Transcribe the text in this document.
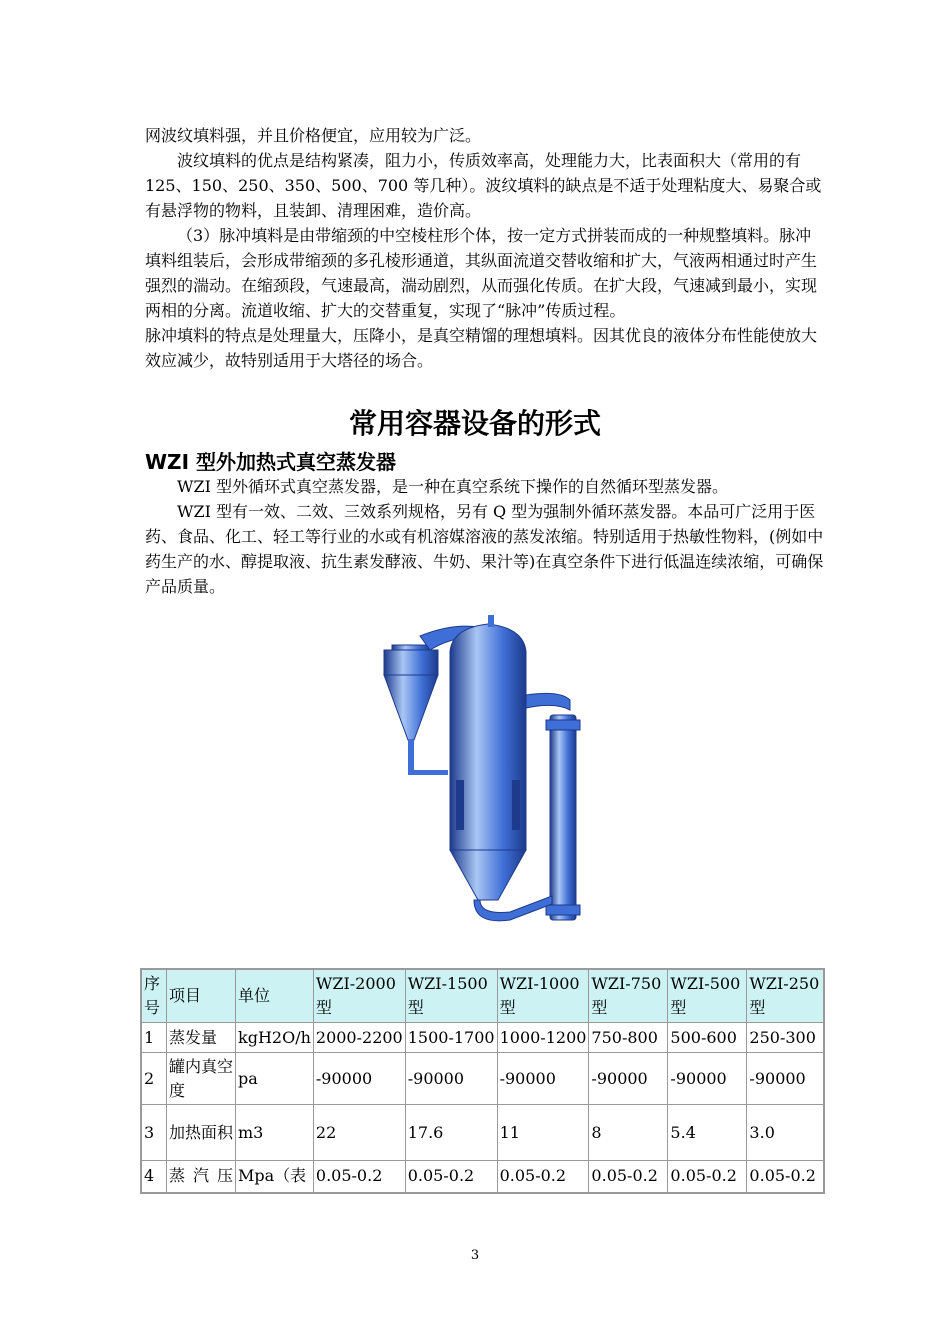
网波纹填料强，并且价格便宜，应用较为广泛。

波纹填料的优点是结构紧凑，阻力小，传质效率高，处理能力大，比表面积大（常用的有 125、150、250、350、500、700 等几种）。波纹填料的缺点是不适于处理粘度大、易聚合或有悬浮物的物料，且装卸、清理困难，造价高。

（3）脉冲填料是由带缩颈的中空棱柱形个体，按一定方式拼装而成的一种规整填料。脉冲填料组装后，会形成带缩颈的多孔棱形通道，其纵面流道交替收缩和扩大，气液两相通过时产生强烈的湍动。在缩颈段，气速最高，湍动剧烈，从而强化传质。在扩大段，气速减到最小，实现两相的分离。流道收缩、扩大的交替重复，实现了“脉冲”传质过程。

脉冲填料的特点是处理量大，压降小，是真空精馏的理想填料。因其优良的液体分布性能使放大效应减少，故特别适用于大塔径的场合。

常用容器设备的形式
WZI 型外加热式真空蒸发器

WZI 型外循环式真空蒸发器，是一种在真空系统下操作的自然循环型蒸发器。

WZI 型有一效、二效、三效系列规格，另有 Q 型为强制外循环蒸发器。本品可广泛用于医药、食品、化工、轻工等行业的水或有机溶媒溶液的蒸发浓缩。特别适用于热敏性物料，(例如中药生产的水、醇提取液、抗生素发酵液、牛奶、果汁等)在真空条件下进行低温连续浓缩，可确保产品质量。

序号	项目	单位	WZI-2000型	WZI-1500型	WZI-1000型	WZI-750型	WZI-500型	WZI-250型
1	蒸发量	kgH2O/h	2000-2200	1500-1700	1000-1200	750-800	500-600	250-300
2	罐内真空度	pa	-90000	-90000	-90000	-90000	-90000	-90000
3	加热面积	m3	22	17.6	11	8	5.4	3.0
4	蒸汽压	Mpa（表	0.05-0.2	0.05-0.2	0.05-0.2	0.05-0.2	0.05-0.2	0.05-0.2
3
